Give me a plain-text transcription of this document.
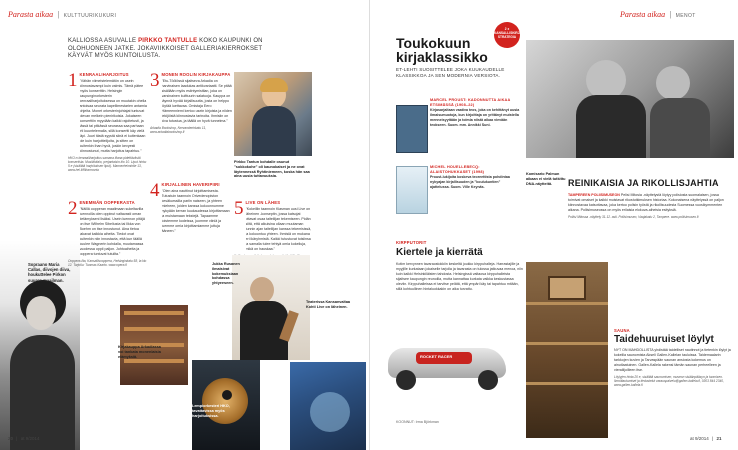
Parasta aikaa | KULTTUURIKUKURI
KALLIOSSA ASUVALLE PIRKKO TANTULLE KOKO KAUPUNKI ON OLOHUONEEN JATKE. JOKAVIIKKOISET GALLERIAKIERROKSET KÄYVÄT MYÖS KUNTOILUSTA.
Sopraano Maria Callas, diivojen diiva, houkuttelee Pirkon suuren maailman.
1 KENRAALIHARJOITUS
"Vähän viimeistelemätön on usein kiinnostavampi kuin valmis. Tämä pätee myös konserttiin. Helsingin kaupunginorkesterin kenraaliharjoituksessa on muutakin ohella antoisaa seurata kapellimestarien antamia ohjeita. Monet orkesterinjohtajat tuntuvat olevan melkein pienirikoisia. Jokaiseen konserttiin myydään kaikki rajoitetusti, ja tässä tai pitkässä seurassa saa parhaan irti kuuntelemalla, sillä konsertti käy vielä läpi. Juuri tästä syystä siinä ei kuitenkaan ole kuin harjoittelijoita, ja sitten on kuitenkin ihan hyvä, joskin kevyesti kiinnostunut, mutta harjoitus tapahtuu."
HKO:n kenraaliharjoitus samana iltana pidettävästä konsertista. Musiikkitalo, perjantaisin klo 10. Liput hinta: 5 e (sisältää harjoituksen liput). Mannerheimintie 13, www.hel.fi/filharmonia
2 ENEMMÄN OOPPERASTA
"Näillä oopperan maailmaan sukeltavilla luennoilla olen oppinut valtavasti oman tietämykseni lisäksi. Usein luennon pitäjä on itse Wilhelm Sibeliusta tai Ilkka von Boehm on itse innostunut. Aina tietoa jakavat kaikkia aiheita. Tiedot ovat kuitenkin niin innostavia, että kun täällä kuulee Wagnerin kohdalla, muutamassa vuodessa oppii paljon. Johtoaiheita ja ooppera tuntuvat tutuilta."
Ooppera-ilta, Kansallisooppera, Helsinginkatu 58, la klo 12. Tarjoilu: Tuomas Kaarto. www.opera.fi
3 MONEN ROOLIN KIRJAKAUPPA
"Etu-Töölössä sijaitseva Arkadia on harvinaisen laadukas antikvariaatti. Se pitää sisällään myös esiintymistilan, joka on varsinainen kulttuurin salatuoja. Kauppa on täynnä hyvää kirjallisuutta, josta on helppo löytää luettavaa. Omistaja Eero Hämeenniemi kertoo usein kirjoista ja niiden tekijöistä kiinnostavia tarinoita. Ihmisiin on kiva tutustua, ja täällä on hyvä tunnelma."
Arkadia Bookshop, Nervanderinkatu 11, www.arkadiabookshop.fi
4 KIRJALLINEN HAVERIPIIRI
"Olen aina nauttinut kirjoittamisesta. Tutustuin taannoin Orivedenopiston kesäkurssilla pariin naiseen, ja yhteen mieheen, joiden kanssa kokoonnumme nykyään kerran kuukaudessa kirjoittamaan ja muistamaan tekstejä. Tapaamme toistemme kodeissa, juomme viiniä ja luemme omia kirjoittamiamme juttuja ääneen."
5 LIVE ON LÄHES
"Kokeillin taannoin Kiasman uusi Live on läheinen -konseptin, jossa katsojat ottavat osaa taiteilijan tekemiseen. Pidän siitä, että aikuisina ollaan muutaman tunnin ajan taiteilijan kanssa tekemisissä, ja kokoontuu yhteen. Ihmisiä on mukana eri ikäryhmistä. Kaikki tutustuvat toisiinsa ja samalla tulee tehtyä omia kokeiluja, mikä on hauskaa."
Pirkko Tantun kohdalle osunut "sokkokohe" oli kaunokaiset ja ne ovat läytennessä Ryhtiniemeen, koska hän saa aina uusia tuttavuuksia.
Jukka Rusanen ilmaisivat kokemuksiaan kohdassa yhtyeeseen.
Kirjakauppa Arkadiassa voi tankata monenlaisia elämyksiä.
Lempiorkesteri HKO, tavattavissa myös harjoituksissa.
Teaterissa Kansanvaltaa Kohti Live on läheinen.
20 | at 9/2014
Parasta aikaa | MENOT
Toukokuun
kirjaklassikko
2 x KANSALLISKIRJA- STRATEGIA
ET-LEHTI SUOSITTELEE JOKA KUUKAUDELLE KLASSIKKOA JA SEN MODERNIA VERSIOTA.
MARCEL PROUST: KADONNUTTA AIKAA ETSIMÄSSÄ (1908–22)
Kirjasarjaltaan vaativa teos, joka on kehittänyt uusia ilmaisumuotoja, kun kirjoittaja on yrittänyt muistella menneisyyttään ja toimia niistä aikaa vievään teokseen. Suom. mm. Annikki Suni.
MICHEL HOUELLEBECQ: ALAISTOHUKKASET (1998)
Proust-lukijoita koskeva teoreettista pohdintaa nykyajan kirjallisuuden ja "koulukuntien" ajattelussa. Suom. Ville Keynäs.
Komisario Palmun aikaan ei vielä tutkittu DNA-näytteitä.	REINIKAISIA JA RIKOLLISJAHTIA
TAMPEREEN POLIISIMUSEON Pelisi Mitosia -näyttelystä löytyy polisiosta suomalaisen, jossa toimivat omaiset ja kaikki muistavat rikostutkimuksen historiaa. Kokonaisena näyttelyssä on paljon kiinnostavaa katsottavaa, joka kertoo polisin työstä ja rikollisuudesta Suomessa vuosikymmenten aikana. Poliisimuseossa on myös erilaisia elokuva-aiheisia esityksiä.
Poliisi Mitossa -näyttely 31.12. asti. Poliisimuseo, Vaajakatu 2, Tampere. www.poliisimuseo.fi
KIRPPUTORIT
Kiertele ja kierrätä
Kotim kervynnen tavaraostokkiin keskeltä joukko kirppuhalleja. Harrastajille ja myyjille kurkataan jokaiselle tarjolla ja tavarasta on tulossa jatkuvaa menoa, niin kuin kaikki Helsinkiläisten tahdosta. Helsingissä valtaosa kirppuhalleista sijaitsee kaupungin reunoilla, mutta kannattaa kurkata vaikka keskustassa oleviin. Kirppuhalleissa ei tarvitse pelätä, että ympäri käy tai tapahtuu mitään, sillä kohtuullinen hintaluokkakin on aika turvattu.
ROCKET RACER
KOONNUT: Irma Björkman
SAUNA
Taidehuuruiset löylyt
NYT ON MAHDOLLISTA yhdistää taidelliset nautinnot ja tietenkin löylyt ja kokeilla saunomista Akseli Gallen-Kallelan tauluissa. Taidemaalarin tarkkojen kuvien ja Tarvaspään saunan ansiosta kokemus on ainutlaatuinen. Gallen-Kallela rakensi tämän saunan perheelleen ja vierailijoilleen itse.
Löylyjen hinta 20 e, sisältää saunomisen, museon sisäänpääsyn ja tuomisen. Ilmoittautumiset ja tiedustelut varauspalvelu@gallen-kallela.fi, 0303 844 2340, www.gallen-kallela.fi
at 9/2014 | 21
